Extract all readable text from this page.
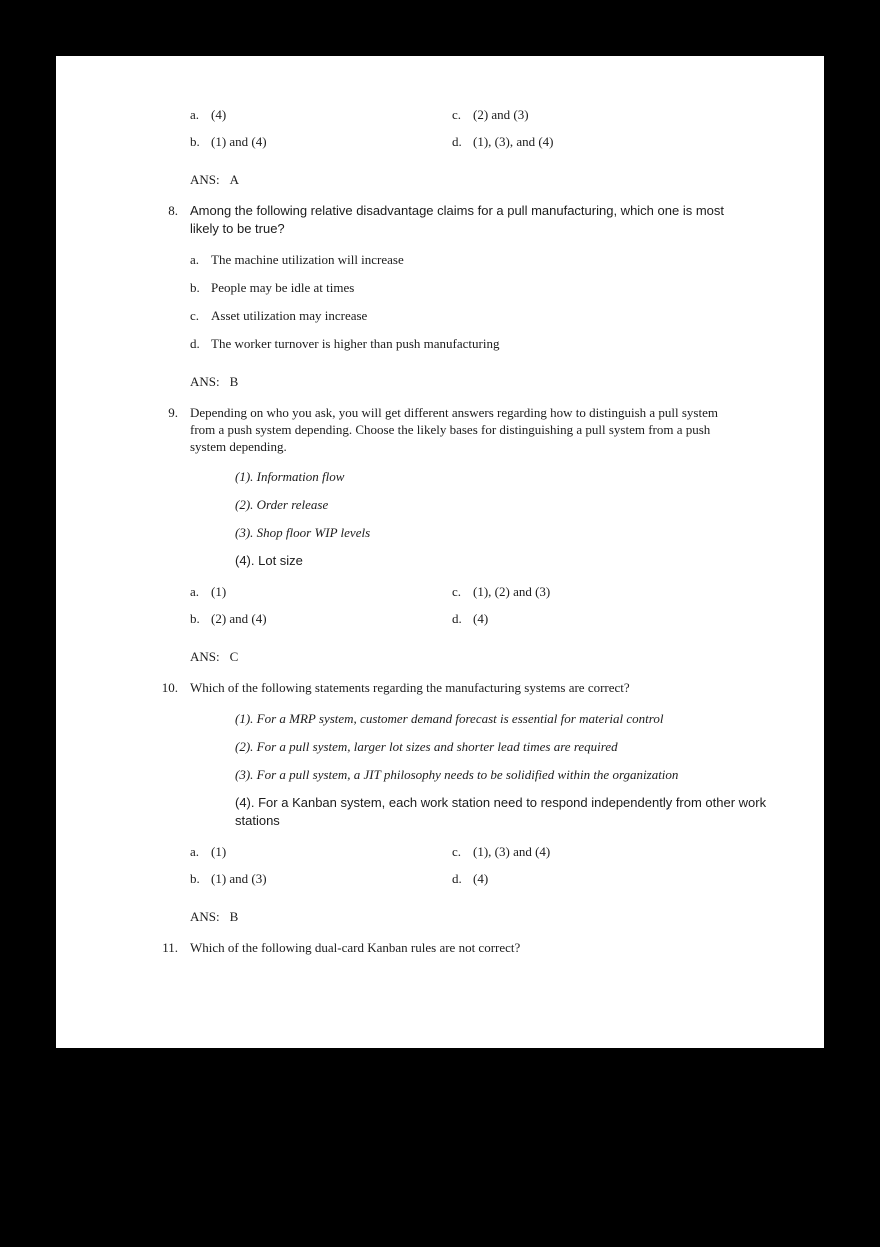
a. (4)	c. (2) and (3)
b. (1) and (4)	d. (1), (3), and (4)
ANS: A
8. Among the following relative disadvantage claims for a pull manufacturing, which one is most likely to be true?
a. The machine utilization will increase
b. People may be idle at times
c. Asset utilization may increase
d. The worker turnover is higher than push manufacturing
ANS: B
9. Depending on who you ask, you will get different answers regarding how to distinguish a pull system from a push system depending. Choose the likely bases for distinguishing a pull system from a push system depending.
(1). Information flow
(2). Order release
(3). Shop floor WIP levels
(4). Lot size
a. (1)	c. (1), (2) and (3)
b. (2) and (4)	d. (4)
ANS: C
10. Which of the following statements regarding the manufacturing systems are correct?
(1). For a MRP system, customer demand forecast is essential for material control
(2). For a pull system, larger lot sizes and shorter lead times are required
(3). For a pull system, a JIT philosophy needs to be solidified within the organization
(4). For a Kanban system, each work station need to respond independently from other work stations
a. (1)	c. (1), (3) and (4)
b. (1) and (3)	d. (4)
ANS: B
11. Which of the following dual-card Kanban rules are not correct?
